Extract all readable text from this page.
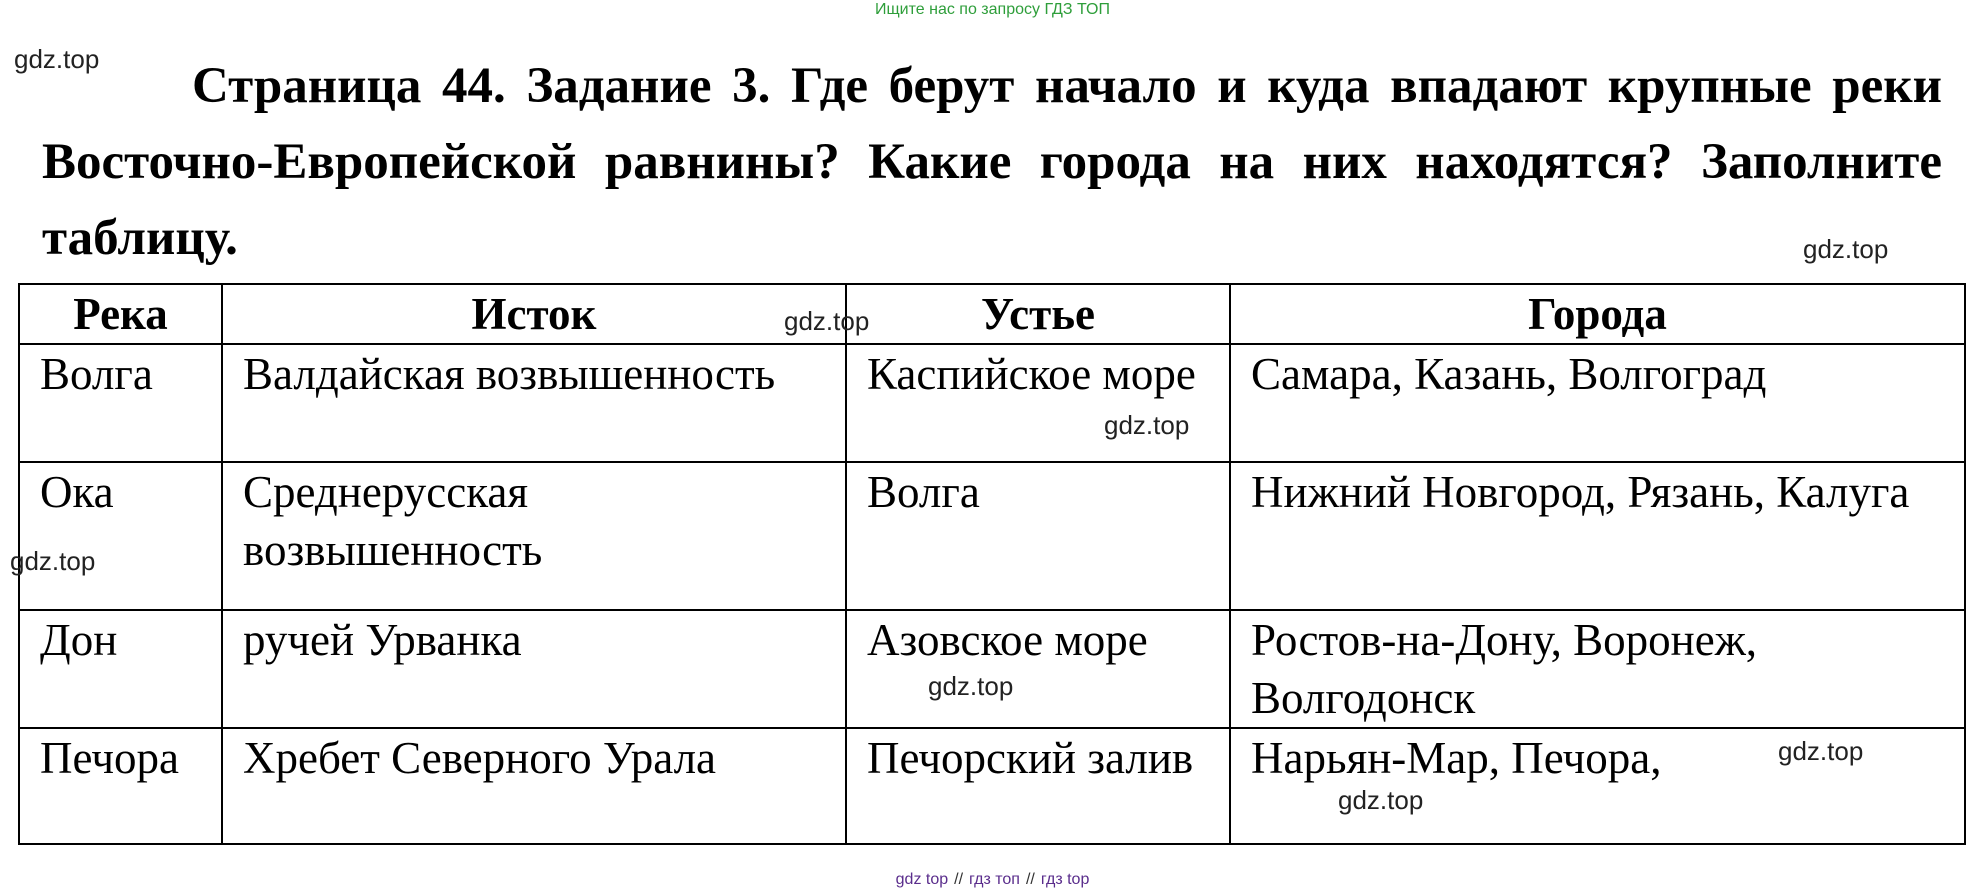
Ищите нас по запросу ГДЗ ТОП
gdz.top	Страница 44. Задание 3. Где берут начало и куда впадают крупные реки Восточно-Европейской равнины? Какие города на них находятся? Заполните таблицу.	gdz.top
Река	Исток	Устье	Города
Волга	Валдайская возвышенность	Каспийское море	Самара, Казань, Волгоград
Ока	Среднерусская возвышенность	Волга	Нижний Новгород, Рязань, Калуга
Дон	ручей Урванка	Азовское море	Ростов-на-Дону, Воронеж, Волгодонск
Печора	Хребет Северного Урала	Печорский залив	Нарьян-Мар, Печора,
gdz.top
gdz.top
gdz.top
gdz.top
gdz.top
gdz.top
gdz top // гдз топ // гдз top
